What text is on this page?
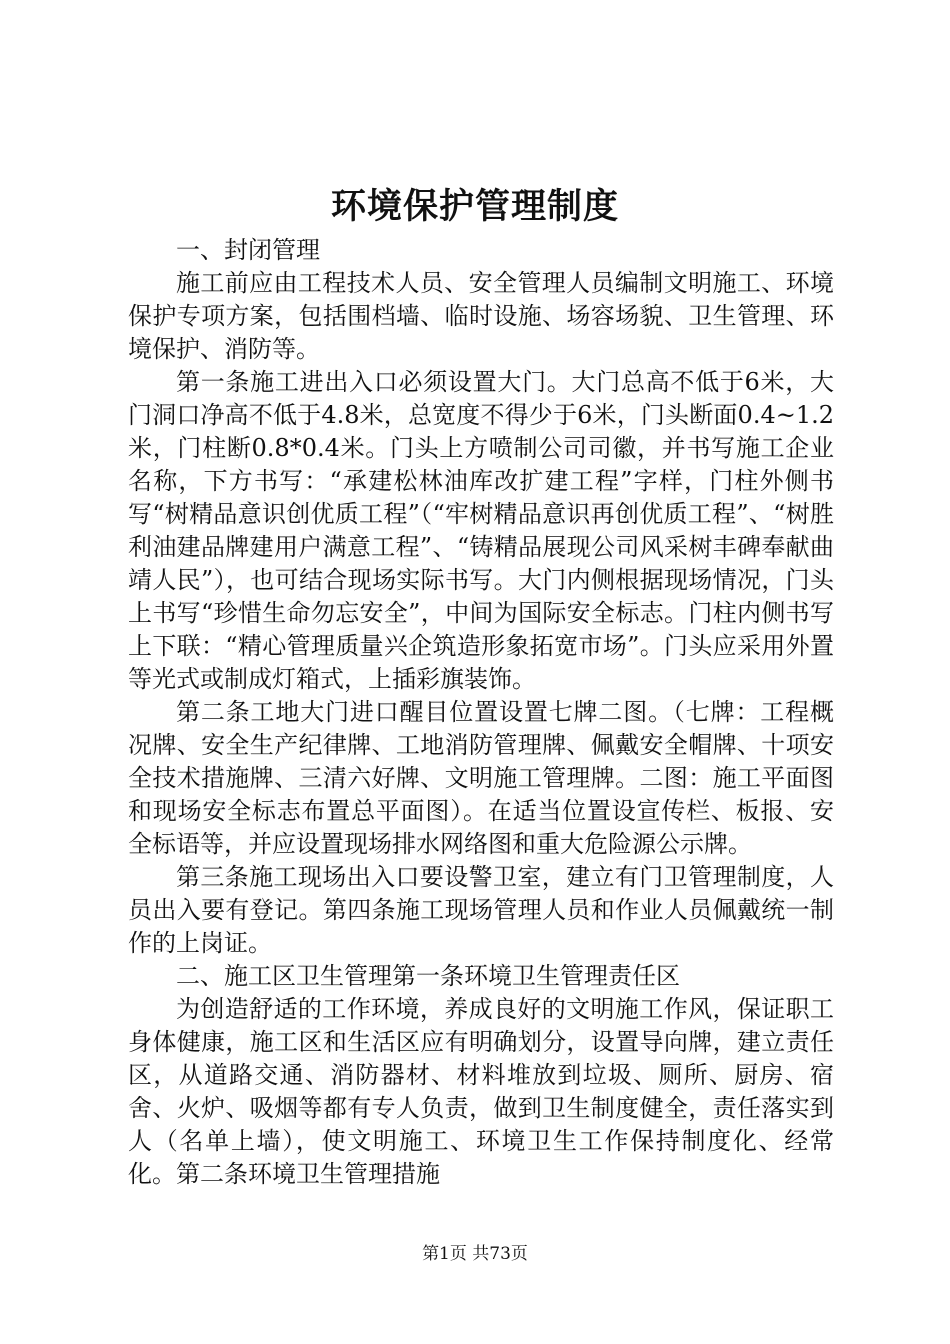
环境保护管理制度

一、封闭管理

施工前应由工程技术人员、安全管理人员编制文明施工、环境保护专项方案，包括围档墙、临时设施、场容场貌、卫生管理、环境保护、消防等。

第一条施工进出入口必须设置大门。大门总高不低于6米，大门洞口净高不低于4.8米，总宽度不得少于6米，门头断面0.4~1.2米，门柱断0.8*0.4米。门头上方喷制公司司徽，并书写施工企业名称，下方书写：“承建松林油库改扩建工程”字样，门柱外侧书写“树精品意识创优质工程”（“牢树精品意识再创优质工程”、“树胜利油建品牌建用户满意工程”、“铸精品展现公司风采树丰碑奉献曲靖人民”），也可结合现场实际书写。大门内侧根据现场情况，门头上书写“珍惜生命勿忘安全”，中间为国际安全标志。门柱内侧书写上下联：“精心管理质量兴企筑造形象拓宽市场”。门头应采用外置等光式或制成灯箱式，上插彩旗装饰。

第二条工地大门进口醒目位置设置七牌二图。（七牌：工程概况牌、安全生产纪律牌、工地消防管理牌、佩戴安全帽牌、十项安全技术措施牌、三清六好牌、文明施工管理牌。二图：施工平面图和现场安全标志布置总平面图）。在适当位置设宣传栏、板报、安全标语等，并应设置现场排水网络图和重大危险源公示牌。

第三条施工现场出入口要设警卫室，建立有门卫管理制度，人员出入要有登记。第四条施工现场管理人员和作业人员佩戴统一制作的上岗证。

二、施工区卫生管理第一条环境卫生管理责任区

为创造舒适的工作环境，养成良好的文明施工作风，保证职工身体健康，施工区和生活区应有明确划分，设置导向牌，建立责任区，从道路交通、消防器材、材料堆放到垃圾、厕所、厨房、宿舍、火炉、吸烟等都有专人负责，做到卫生制度健全，责任落实到人（名单上墙），使文明施工、环境卫生工作保持制度化、经常化。第二条环境卫生管理措施

第1页 共73页
